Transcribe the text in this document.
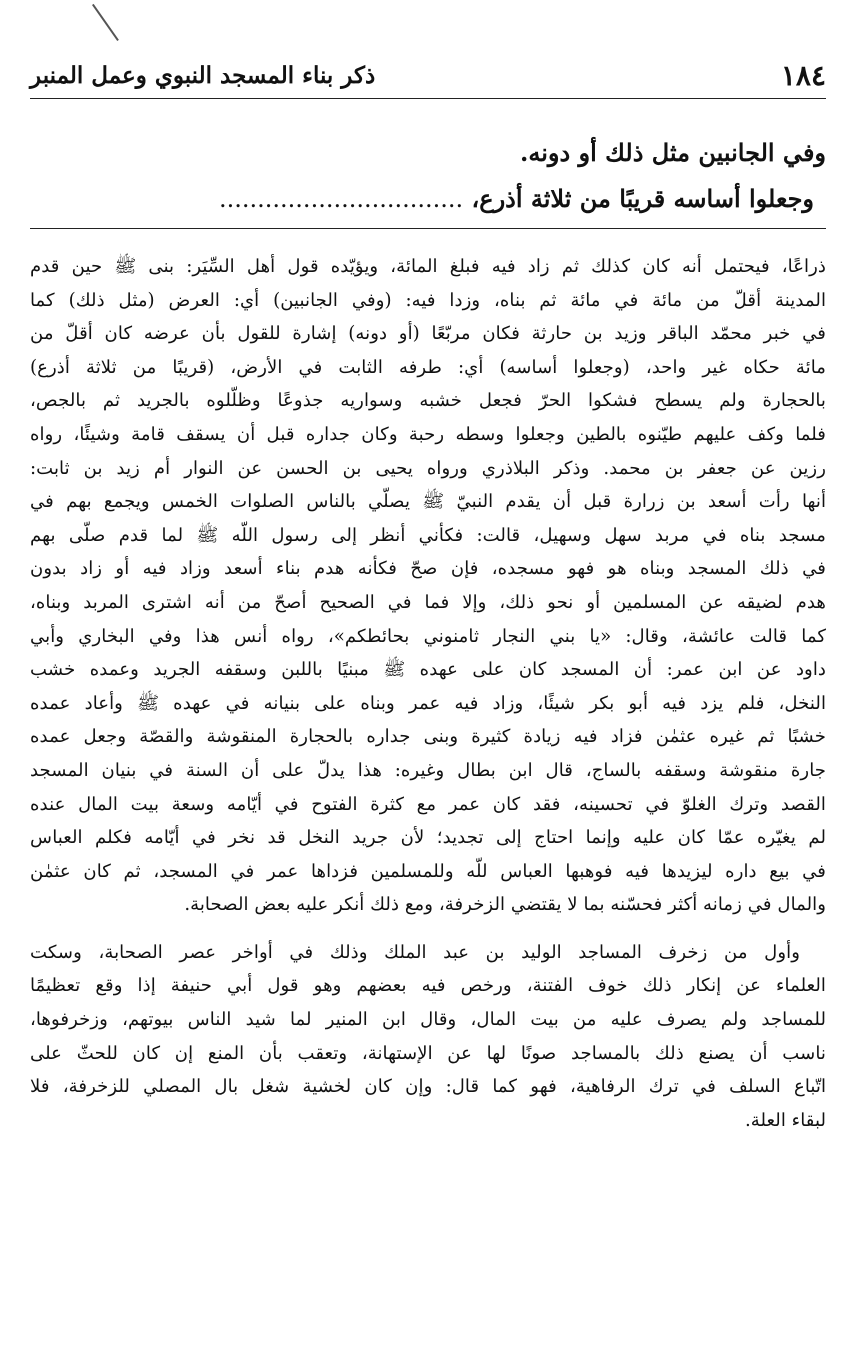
١٨٤
ذكر بناء المسجد النبوي وعمل المنبر
وفي الجانبين مثل ذلك أو دونه.
وجعلوا أساسه قريبًا من ثلاثة أذرع، ................................

ذراعًا، فيحتمل أنه كان كذلك ثم زاد فيه فبلغ المائة، ويؤيّده قول أهل السِّيَر: بنى ﷺ حين قدم
المدينة أقلّ من مائة في مائة ثم بناه، وزدا فيه: (وفي الجانبين) أي: العرض (مثل ذلك) كما
في خبر محمّد الباقر وزيد بن حارثة فكان مربّعًا (أو دونه) إشارة للقول بأن عرضه كان أقلّ من
مائة حكاه غير واحد، (وجعلوا أساسه) أي: طرفه الثابت في الأرض، (قريبًا من ثلاثة أذرع)
بالحجارة ولم يسطح فشكوا الحرّ فجعل خشبه وسواريه جذوعًا وظلّلوه بالجريد ثم بالجص،
فلما وكف عليهم طيّنوه بالطين وجعلوا وسطه رحبة وكان جداره قبل أن يسقف قامة وشيئًا، رواه
رزين عن جعفر بن محمد. وذكر البلاذري ورواه يحيى بن الحسن عن النوار أم زيد بن ثابت:
أنها رأت أسعد بن زرارة قبل أن يقدم النبيّ ﷺ يصلّي بالناس الصلوات الخمس ويجمع بهم في
مسجد بناه في مربد سهل وسهيل، قالت: فكأني أنظر إلى رسول اللّه ﷺ لما قدم صلّى بهم
في ذلك المسجد وبناه هو فهو مسجده، فإن صحّ فكأنه هدم بناء أسعد وزاد فيه أو زاد بدون
هدم لضيقه عن المسلمين أو نحو ذلك، وإلا فما في الصحيح أصحّ من أنه اشترى المربد وبناه،
كما قالت عائشة، وقال: «يا بني النجار ثامنوني بحائطكم»، رواه أنس هذا وفي البخاري وأبي
داود عن ابن عمر: أن المسجد كان على عهده ﷺ مبنيًا باللبن وسقفه الجريد وعمده خشب
النخل، فلم يزد فيه أبو بكر شيئًا، وزاد فيه عمر وبناه على بنيانه في عهده ﷺ وأعاد عمده
خشبًا ثم غيره عثمٰن فزاد فيه زيادة كثيرة وبنى جداره بالحجارة المنقوشة والقصّة وجعل عمده
جارة منقوشة وسقفه بالساج، قال ابن بطال وغيره: هذا يدلّ على أن السنة في بنيان المسجد
القصد وترك الغلوّ في تحسينه، فقد كان عمر مع كثرة الفتوح في أيّامه وسعة بيت المال عنده
لم يغيّره عمّا كان عليه وإنما احتاج إلى تجديد؛ لأن جريد النخل قد نخر في أيّامه فكلم العباس
في بيع داره ليزيدها فيه فوهبها العباس للّه وللمسلمين فزداها عمر في المسجد، ثم كان عثمٰن
والمال في زمانه أكثر فحسّنه بما لا يقتضي الزخرفة، ومع ذلك أنكر عليه بعض الصحابة.

وأول من زخرف المساجد الوليد بن عبد الملك وذلك في أواخر عصر الصحابة، وسكت
العلماء عن إنكار ذلك خوف الفتنة، ورخص فيه بعضهم وهو قول أبي حنيفة إذا وقع تعظيمًا
للمساجد ولم يصرف عليه من بيت المال، وقال ابن المنير لما شيد الناس بيوتهم، وزخرفوها،
ناسب أن يصنع ذلك بالمساجد صونًا لها عن الإستهانة، وتعقب بأن المنع إن كان للحثّ على
اتّباع السلف في ترك الرفاهية، فهو كما قال: وإن كان لخشية شغل بال المصلي للزخرفة، فلا
لبقاء العلة.
